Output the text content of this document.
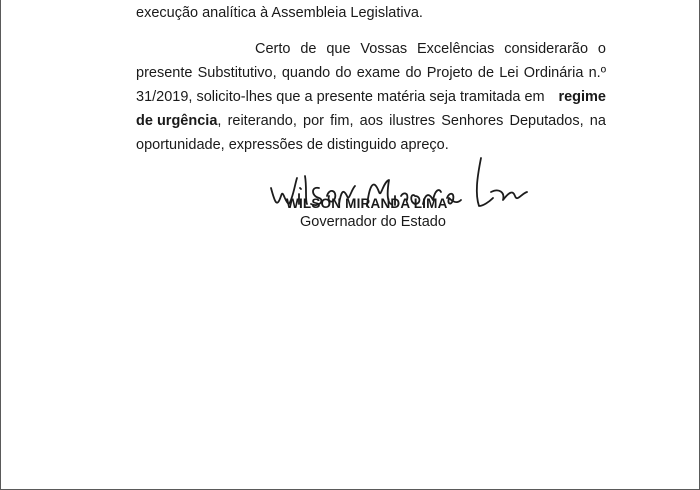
execução analítica à Assembleia Legislativa.
Certo de que Vossas Excelências considerarão o
presente Substitutivo, quando do exame do Projeto de Lei Ordinária n.º
31/2019, solicito-lhes que a presente matéria seja tramitada em regime
de urgência, reiterando, por fim, aos ilustres Senhores Deputados, na
oportunidade, expressões de distinguido apreço.
WILSON MIRANDA LIMA
Governador do Estado
